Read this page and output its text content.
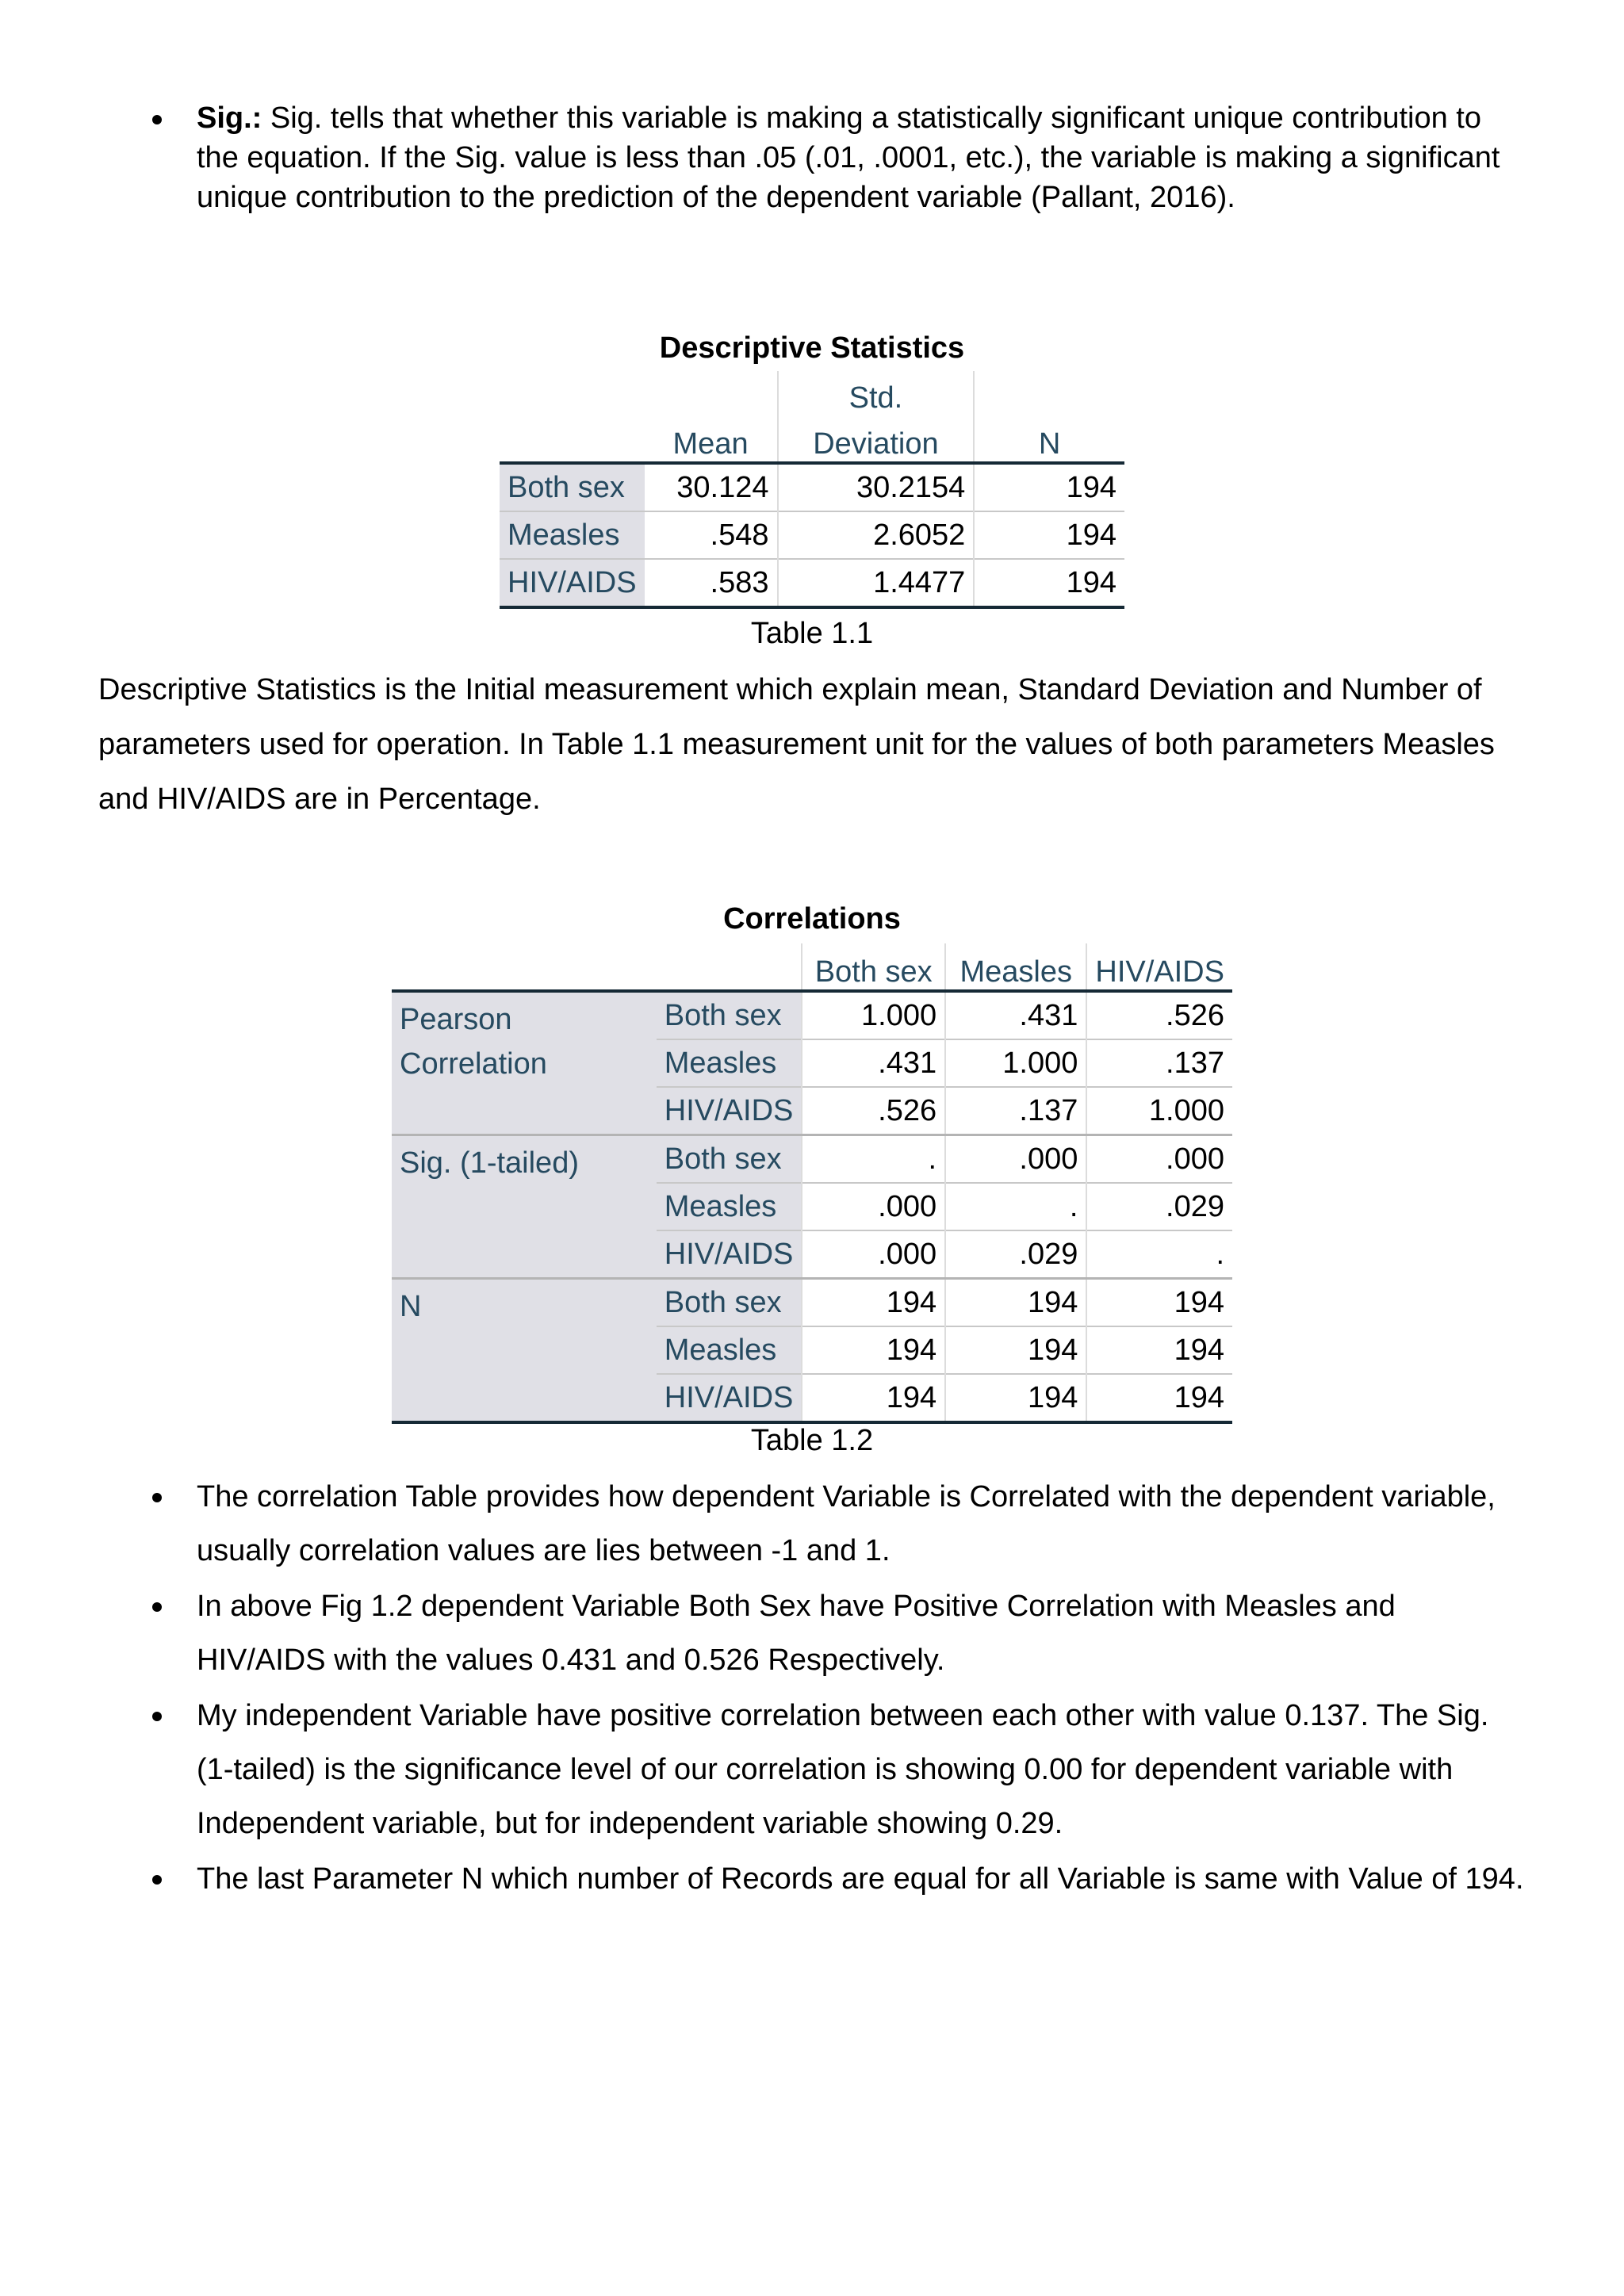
Sig.: Sig. tells that whether this variable is making a statistically significant unique contribution to the equation. If the Sig. value is less than .05 (.01, .0001, etc.), the variable is making a significant unique contribution to the prediction of the dependent variable (Pallant, 2016).
Descriptive Statistics
		Std.	
	Mean	Deviation	N
Both sex	30.124	30.2154	194
Measles	.548	2.6052	194
HIV/AIDS	.583	1.4477	194
Table 1.1
Descriptive Statistics is the Initial measurement which explain mean, Standard Deviation and Number of parameters used for operation. In Table 1.1 measurement unit for the values of both parameters Measles and HIV/AIDS are in Percentage.
Correlations
		Both sex	Measles	HIV/AIDS

Pearson
Correlation	Both sex	1.000	.431	.526
	Measles	.431	1.000	.137
	HIV/AIDS	.526	.137	1.000

Sig. (1-tailed)	Both sex	.	.000	.000
	Measles	.000	.	.029
	HIV/AIDS	.000	.029	.

N	Both sex	194	194	194
	Measles	194	194	194
	HIV/AIDS	194	194	194
Table 1.2
The correlation Table provides how dependent Variable is Correlated with the dependent variable, usually correlation values are lies between -1 and 1.
In above Fig 1.2 dependent Variable Both Sex have Positive Correlation with Measles and HIV/AIDS with the values 0.431 and 0.526 Respectively.
My independent Variable have positive correlation between each other with value 0.137. The Sig. (1-tailed) is the significance level of our correlation is showing 0.00 for dependent variable with Independent variable, but for independent variable showing 0.29.
The last Parameter N which number of Records are equal for all Variable is same with Value of 194.
